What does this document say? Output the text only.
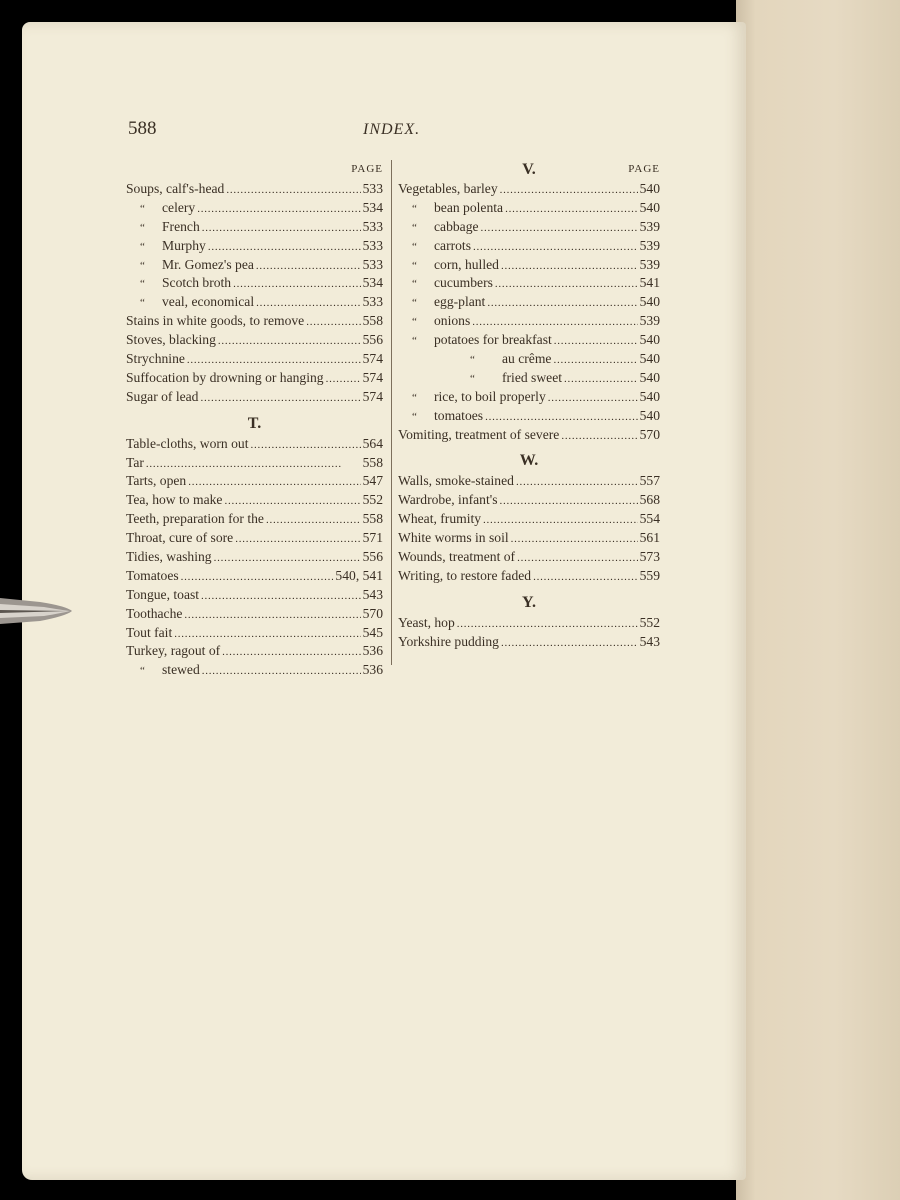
588	INDEX.
PAGE
Soups, calf's-head . . .	533
“	celery . . .	534
“	French . . .	533
“	Murphy . . .	533
“	Mr. Gomez's pea . . .	533
“	Scotch broth . . .	534
“	veal, economical . . .	533
Stains in white goods, to remove . . .	558
Stoves, blacking . . .	556
Strychnine . . .	574
Suffocation by drowning or hanging . . .	574
Sugar of lead . . .	574
T.
Table-cloths, worn out . . .	564
Tar . . .	558
Tarts, open . . .	547
Tea, how to make . . .	552
Teeth, preparation for the . . .	558
Throat, cure of sore . . .	571
Tidies, washing . . .	556
Tomatoes . . .	540, 541
Tongue, toast . . .	543
Toothache . . .	570
Tout fait . . .	545
Turkey, ragout of . . .	536
“	stewed . . .	536
V.	PAGE
Vegetables, barley . . .	540
“	bean polenta . . .	540
“	cabbage . . .	539
“	carrots . . .	539
“	corn, hulled . . .	539
“	cucumbers . . .	541
“	egg-plant . . .	540
“	onions . . .	539
“	potatoes for breakfast . . .	540
“	au crême . . .	540
“	fried sweet . . .	540
“	rice, to boil properly . . .	540
“	tomatoes . . .	540
Vomiting, treatment of severe . . .	570
W.
Walls, smoke-stained . . .	557
Wardrobe, infant's . . .	568
Wheat, frumity . . .	554
White worms in soil . . .	561
Wounds, treatment of . . .	573
Writing, to restore faded . . .	559
Y.
Yeast, hop . . .	552
Yorkshire pudding . . .	543
